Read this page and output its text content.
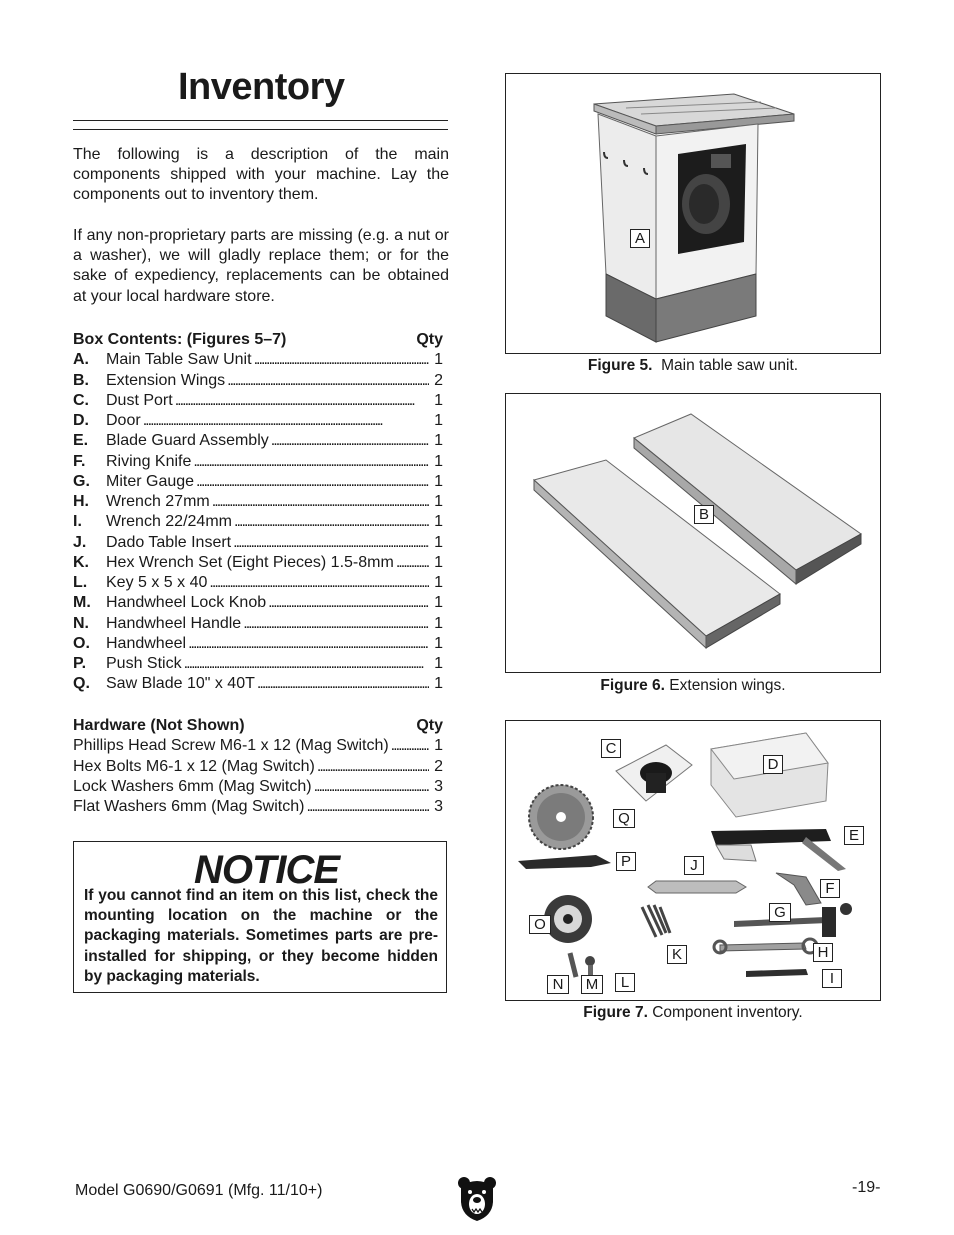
Inventory
The following is a description of the main components shipped with your machine. Lay the components out to inventory them.
If any non-proprietary parts are missing (e.g. a nut or a washer), we will gladly replace them; or for the sake of expediency, replacements can be obtained at your local hardware store.
Box Contents: (Figures 5–7)	Qty
A.	Main Table Saw Unit . . .	1
B.	Extension Wings . . .	2
C.	Dust Port . . .	1
D.	Door . . .	1
E.	Blade Guard Assembly . . .	1
F.	Riving Knife . . .	1
G.	Miter Gauge . . .	1
H.	Wrench 27mm . . .	1
I.	Wrench 22/24mm . . .	1
J.	Dado Table Insert . . .	1
K.	Hex Wrench Set (Eight Pieces) 1.5-8mm . . .	1
L.	Key 5 x 5 x 40 . . .	1
M. Handwheel Lock Knob . . .	1
N.	Handwheel Handle . . .	1
O.	Handwheel . . .	1
P.	Push Stick . . .	1
Q.	Saw Blade 10" x 40T . . .	1
Hardware (Not Shown)	Qty
Phillips Head Screw M6-1 x 12 (Mag Switch) . . .	1
Hex Bolts M6-1 x 12 (Mag Switch) . . .	2
Lock Washers 6mm (Mag Switch) . . .	3
Flat Washers 6mm (Mag Switch) . . .	3
NOTICE
If you cannot find an item on this list, check the mounting location on the machine or the packaging materials. Sometimes parts are pre-installed for shipping, or they become hidden by packaging materials.
A
Figure 5. Main table saw unit.
B
Figure 6. Extension wings.
C
D
Q
E
P	J
F
G
O
H
K
I
N	M	L
Figure 7. Component inventory.
Model G0690/G0691 (Mfg. 11/10+)	-19-
